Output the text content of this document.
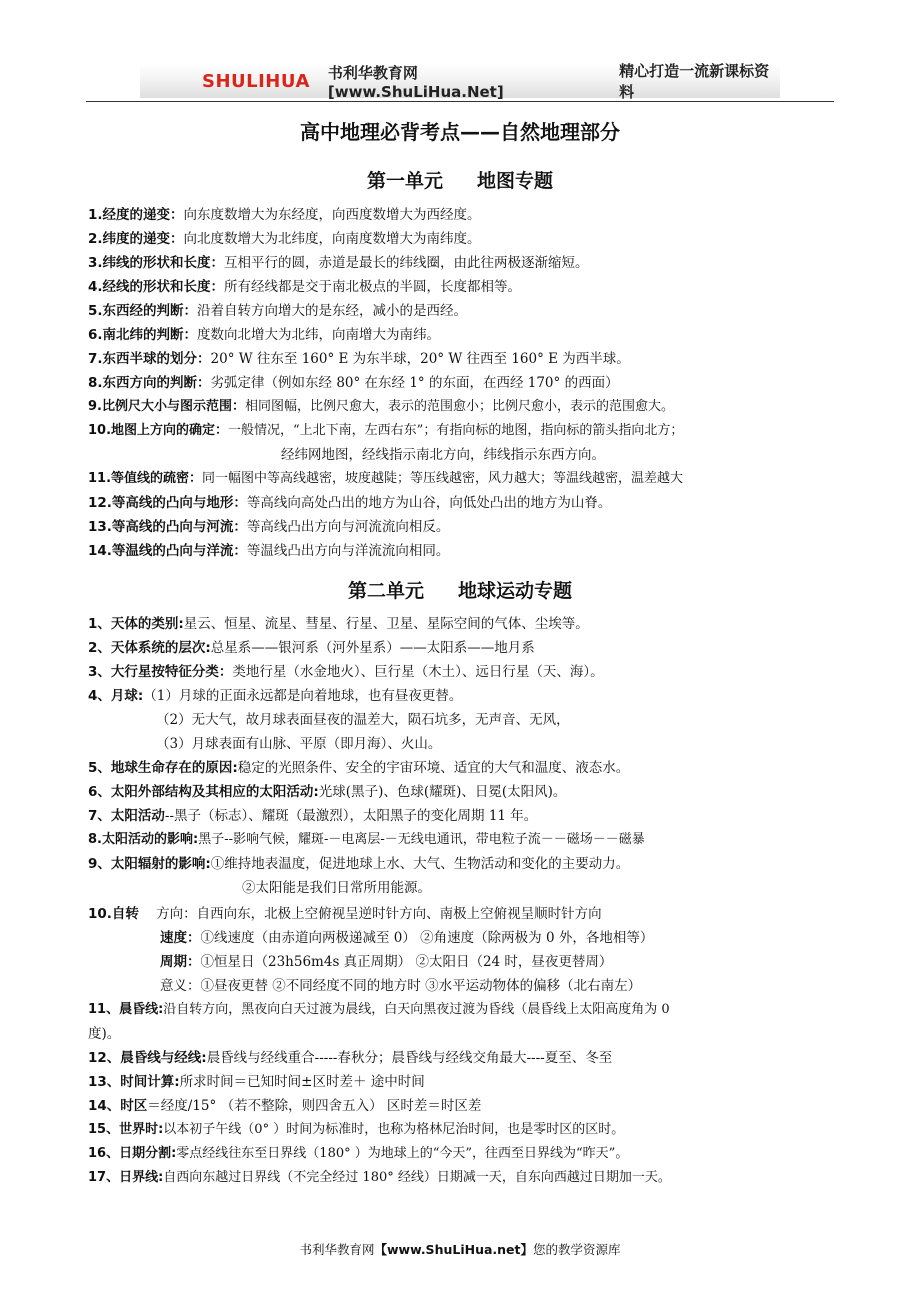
SHULIHUA 书利华教育网[www.ShuLiHua.Net]
精心打造一流新课标资料
高中地理必背考点——自然地理部分
第一单元 地图专题
1.经度的递变：向东度数增大为东经度，向西度数增大为西经度。
2.纬度的递变：向北度数增大为北纬度，向南度数增大为南纬度。
3.纬线的形状和长度：互相平行的圆，赤道是最长的纬线圈，由此往两极逐渐缩短。
4.经线的形状和长度：所有经线都是交于南北极点的半圆，长度都相等。
5.东西经的判断：沿着自转方向增大的是东经，减小的是西经。
6.南北纬的判断：度数向北增大为北纬，向南增大为南纬。
7.东西半球的划分：20° W 往东至 160° E 为东半球，20° W 往西至 160° E 为西半球。
8.东西方向的判断：劣弧定律（例如东经 80° 在东经 1° 的东面，在西经 170° 的西面）
9.比例尺大小与图示范围：相同图幅，比例尺愈大，表示的范围愈小；比例尺愈小，表示的范围愈大。
10.地图上方向的确定：一般情况，“上北下南，左西右东”；有指向标的地图，指向标的箭头指向北方；
经纬网地图，经线指示南北方向，纬线指示东西方向。
11.等值线的疏密：同一幅图中等高线越密，坡度越陡；等压线越密，风力越大；等温线越密，温差越大
12.等高线的凸向与地形：等高线向高处凸出的地方为山谷，向低处凸出的地方为山脊。
13.等高线的凸向与河流：等高线凸出方向与河流流向相反。
14.等温线的凸向与洋流：等温线凸出方向与洋流流向相同。
第二单元 地球运动专题
1、天体的类别:星云、恒星、流星、彗星、行星、卫星、星际空间的气体、尘埃等。
2、天体系统的层次:总星系——银河系（河外星系）——太阳系——地月系
3、大行星按特征分类：类地行星（水金地火）、巨行星（木土）、远日行星（天、海）。
4、月球:（1）月球的正面永远都是向着地球，也有昼夜更替。
（2）无大气，故月球表面昼夜的温差大，陨石坑多，无声音、无风，
（3）月球表面有山脉、平原（即月海）、火山。
5、地球生命存在的原因:稳定的光照条件、安全的宇宙环境、适宜的大气和温度、液态水。
6、太阳外部结构及其相应的太阳活动:光球(黑子)、色球(耀斑)、日冕(太阳风)。
7、太阳活动--黑子（标志）、耀斑（最激烈），太阳黑子的变化周期 11 年。
8.太阳活动的影响:黑子--影响气候，耀斑-－电离层-－无线电通讯，带电粒子流－－磁场－－磁暴
9、太阳辐射的影响:①维持地表温度，促进地球上水、大气、生物活动和变化的主要动力。
②太阳能是我们日常所用能源。
10.自转 方向：自西向东，北极上空俯视呈逆时针方向、南极上空俯视呈顺时针方向
速度：①线速度（由赤道向两极递减至 0） ②角速度（除两极为 0 外，各地相等）
周期：①恒星日（23h56m4s 真正周期） ②太阳日（24 时，昼夜更替周）
意义：①昼夜更替 ②不同经度不同的地方时 ③水平运动物体的偏移（北右南左）
11、晨昏线:沿自转方向，黑夜向白天过渡为晨线，白天向黑夜过渡为昏线（晨昏线上太阳高度角为 0
度)。
12、晨昏线与经线:晨昏线与经线重合-----春秋分；晨昏线与经线交角最大----夏至、冬至
13、时间计算:所求时间＝已知时间±区时差＋ 途中时间
14、时区＝经度/15° （若不整除，则四舍五入） 区时差＝时区差
15、世界时:以本初子午线（0° ）时间为标准时，也称为格林尼治时间，也是零时区的区时。
16、日期分割:零点经线往东至日界线（180° ）为地球上的“今天”，往西至日界线为“昨天”。
17、日界线:自西向东越过日界线（不完全经过 180° 经线）日期减一天，自东向西越过日期加一天。
书利华教育网【www.ShuLiHua.net】您的教学资源库
